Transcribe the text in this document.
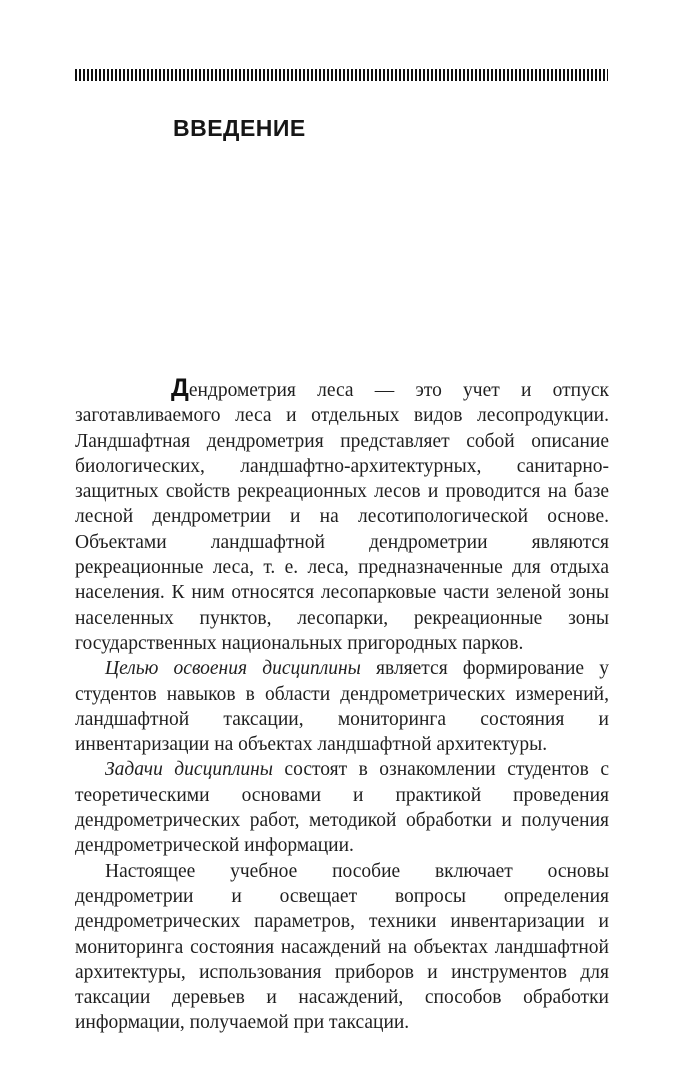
ВВЕДЕНИЕ

Дендрометрия леса — это учет и отпуск заготавливаемого леса и отдельных видов лесопродукции. Ландшафтная дендрометрия представляет собой описание биологических, ландшафтно-архитектурных, санитарно-защитных свойств рекреационных лесов и проводится на базе лесной дендрометрии и на лесотипологической основе. Объектами ландшафтной дендрометрии являются рекреационные леса, т. е. леса, предназначенные для отдыха населения. К ним относятся лесопарковые части зеленой зоны населенных пунктов, лесопарки, рекреационные зоны государственных национальных пригородных парков.

Целью освоения дисциплины является формирование у студентов навыков в области дендрометрических измерений, ландшафтной таксации, мониторинга состояния и инвентаризации на объектах ландшафтной архитектуры.

Задачи дисциплины состоят в ознакомлении студентов с теоретическими основами и практикой проведения дендрометрических работ, методикой обработки и получения дендрометрической информации.

Настоящее учебное пособие включает основы дендрометрии и освещает вопросы определения дендрометрических параметров, техники инвентаризации и мониторинга состояния насаждений на объектах ландшафтной архитектуры, использования приборов и инструментов для таксации деревьев и насаждений, способов обработки информации, получаемой при таксации.
